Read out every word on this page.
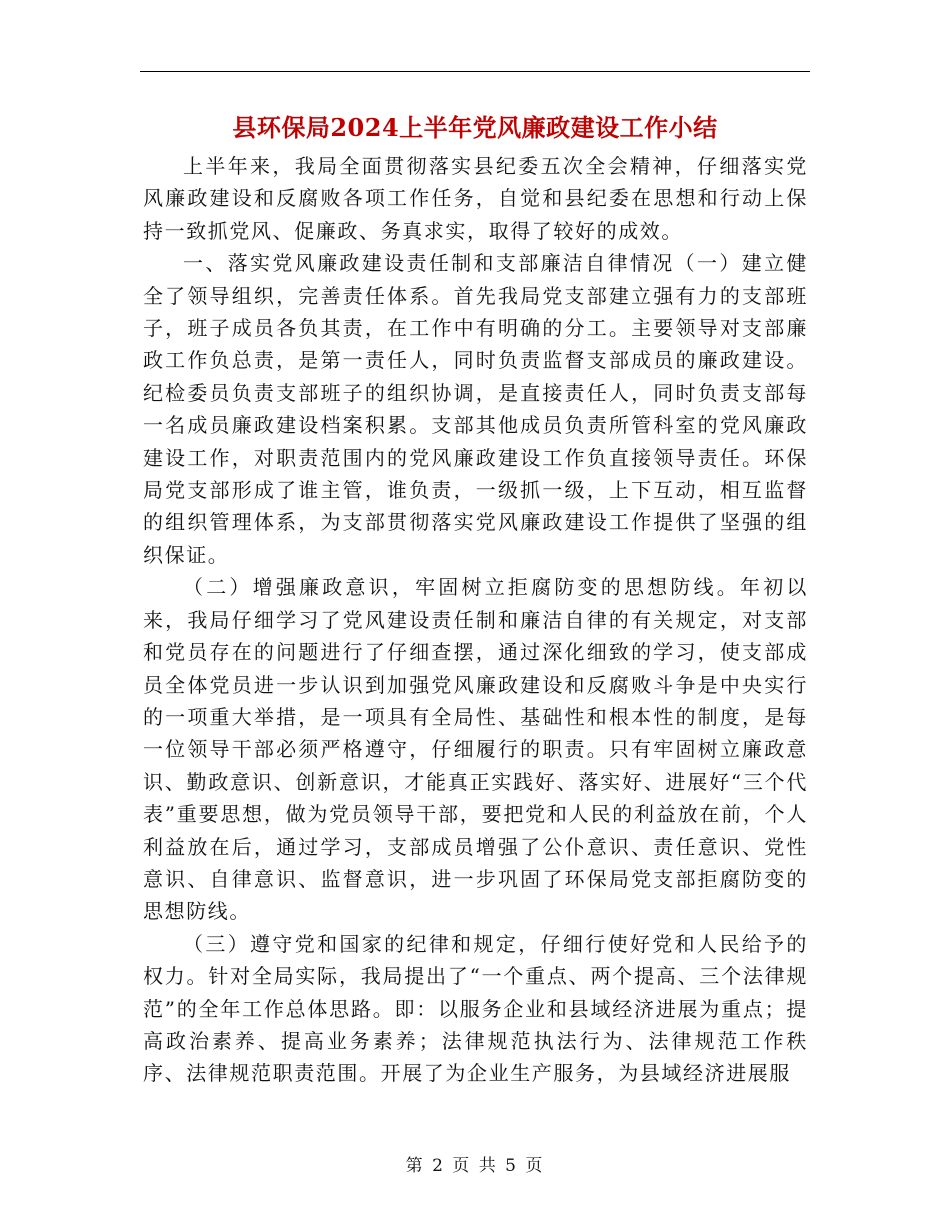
县环保局2024上半年党风廉政建设工作小结

上半年来，我局全面贯彻落实县纪委五次全会精神，仔细落实党风廉政建设和反腐败各项工作任务，自觉和县纪委在思想和行动上保持一致抓党风、促廉政、务真求实，取得了较好的成效。

一、落实党风廉政建设责任制和支部廉洁自律情况（一）建立健全了领导组织，完善责任体系。首先我局党支部建立强有力的支部班子，班子成员各负其责，在工作中有明确的分工。主要领导对支部廉政工作负总责，是第一责任人，同时负责监督支部成员的廉政建设。纪检委员负责支部班子的组织协调，是直接责任人，同时负责支部每一名成员廉政建设档案积累。支部其他成员负责所管科室的党风廉政建设工作，对职责范围内的党风廉政建设工作负直接领导责任。环保局党支部形成了谁主管，谁负责，一级抓一级，上下互动，相互监督的组织管理体系，为支部贯彻落实党风廉政建设工作提供了坚强的组织保证。

（二）增强廉政意识，牢固树立拒腐防变的思想防线。年初以来，我局仔细学习了党风建设责任制和廉洁自律的有关规定，对支部和党员存在的问题进行了仔细查摆，通过深化细致的学习，使支部成员全体党员进一步认识到加强党风廉政建设和反腐败斗争是中央实行的一项重大举措，是一项具有全局性、基础性和根本性的制度，是每一位领导干部必须严格遵守，仔细履行的职责。只有牢固树立廉政意识、勤政意识、创新意识，才能真正实践好、落实好、进展好“三个代表”重要思想，做为党员领导干部，要把党和人民的利益放在前，个人利益放在后，通过学习，支部成员增强了公仆意识、责任意识、党性意识、自律意识、监督意识，进一步巩固了环保局党支部拒腐防变的思想防线。

（三）遵守党和国家的纪律和规定，仔细行使好党和人民给予的权力。针对全局实际，我局提出了“一个重点、两个提高、三个法律规范”的全年工作总体思路。即：以服务企业和县域经济进展为重点；提高政治素养、提高业务素养；法律规范执法行为、法律规范工作秩序、法律规范职责范围。开展了为企业生产服务，为县域经济进展服

第 2 页 共 5 页
